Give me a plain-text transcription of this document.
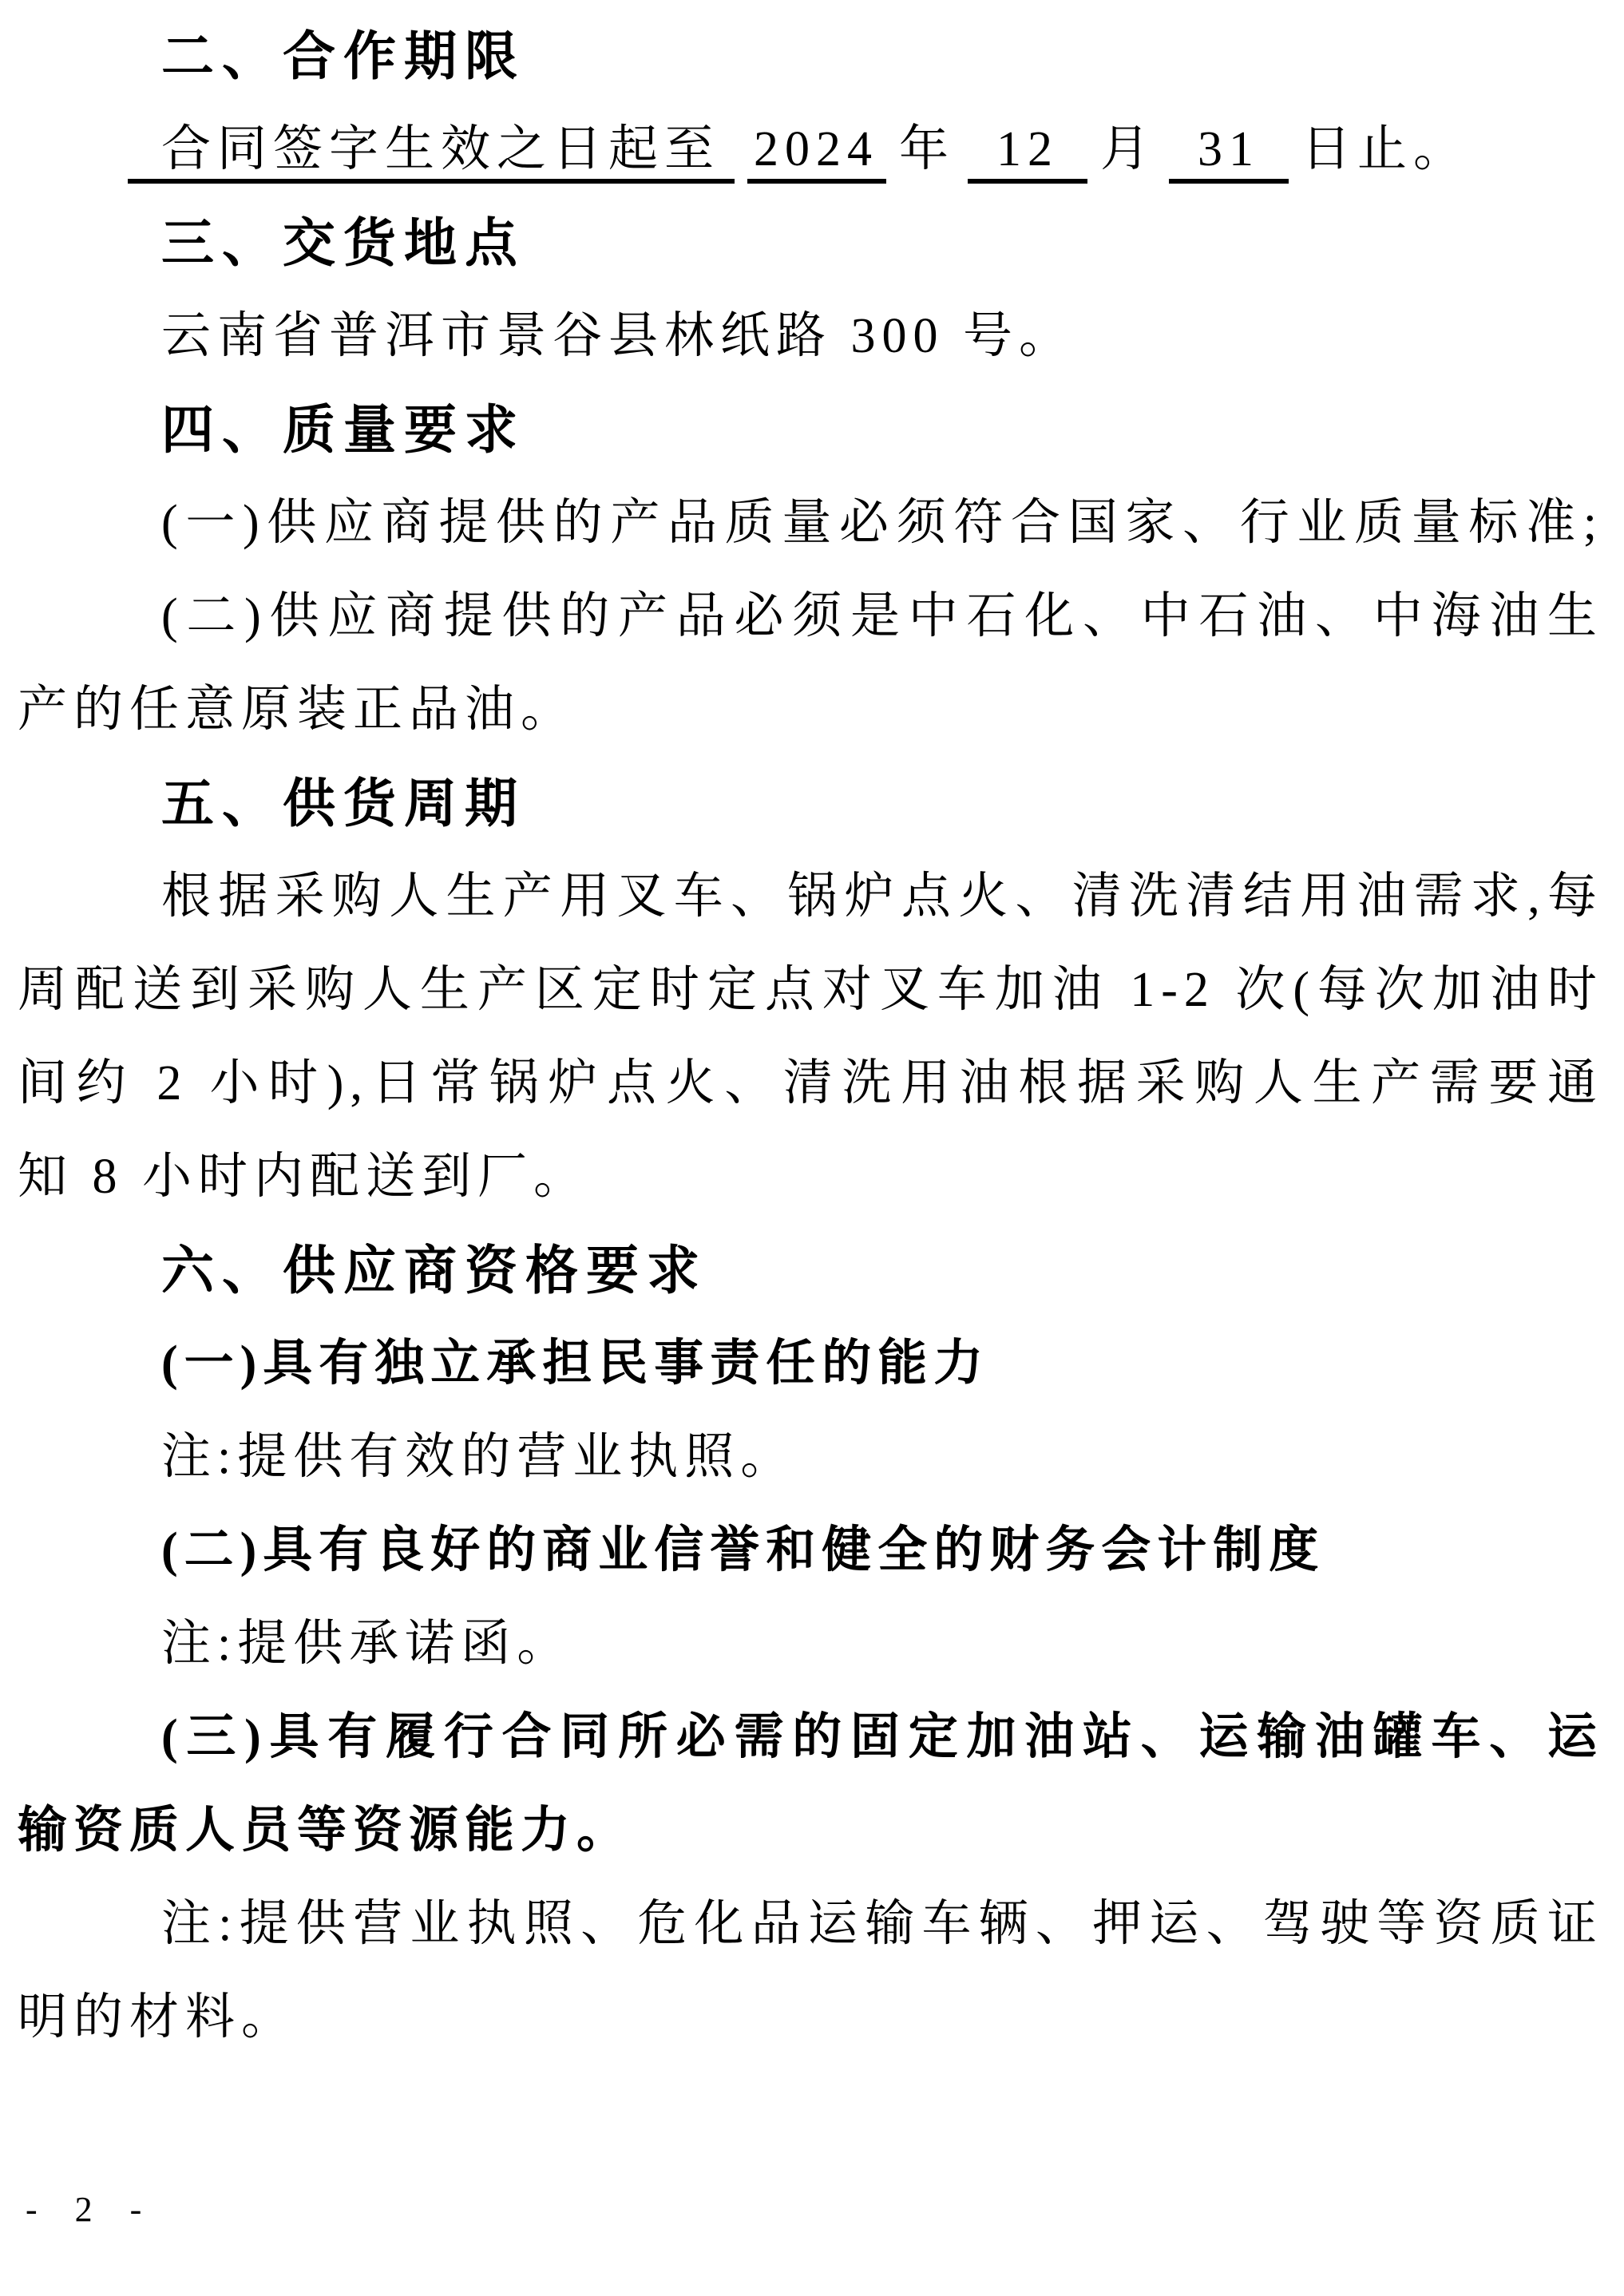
二、合作期限
合同签字生效之日起至 2024 年 12 月 31 日止。
三、交货地点
云南省普洱市景谷县林纸路 300 号。
四、质量要求
(一)供应商提供的产品质量必须符合国家、行业质量标准;
(二)供应商提供的产品必须是中石化、中石油、中海油生
产的任意原装正品油。
五、供货周期
根据采购人生产用叉车、锅炉点火、清洗清结用油需求,每
周配送到采购人生产区定时定点对叉车加油 1-2 次(每次加油时
间约 2 小时),日常锅炉点火、清洗用油根据采购人生产需要通
知 8 小时内配送到厂。
六、供应商资格要求
(一)具有独立承担民事责任的能力
注:提供有效的营业执照。
(二)具有良好的商业信誉和健全的财务会计制度
注:提供承诺函。
(三)具有履行合同所必需的固定加油站、运输油罐车、运
输资质人员等资源能力。
注:提供营业执照、危化品运输车辆、押运、驾驶等资质证
明的材料。
- 2 -
